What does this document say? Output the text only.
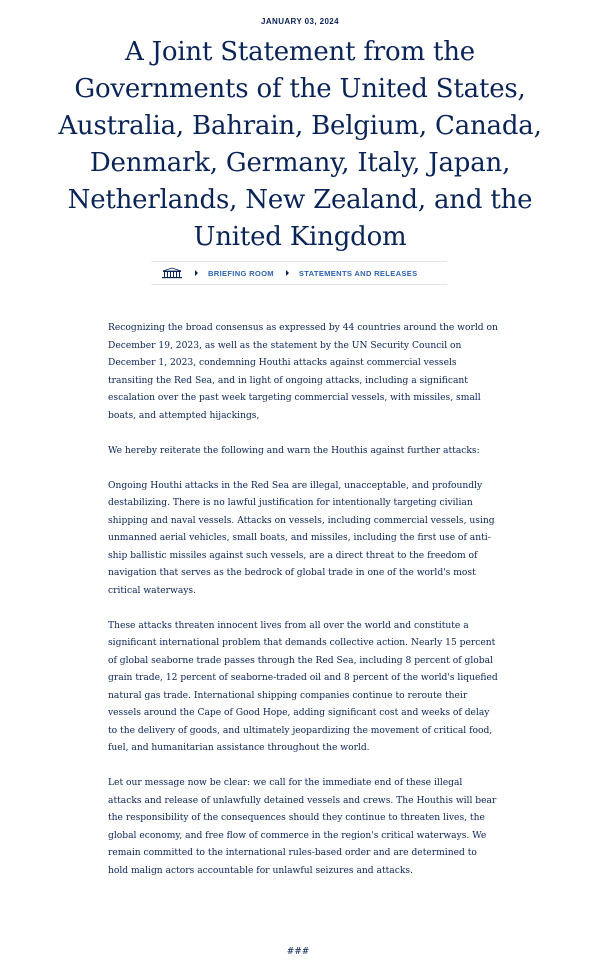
JANUARY 03, 2024
A Joint Statement from the Governments of the United States, Australia, Bahrain, Belgium, Canada, Denmark, Germany, Italy, Japan, Netherlands, New Zealand, and the United Kingdom
BRIEFING ROOM	STATEMENTS AND RELEASES

Recognizing the broad consensus as expressed by 44 countries around the world on December 19, 2023, as well as the statement by the UN Security Council on December 1, 2023, condemning Houthi attacks against commercial vessels transiting the Red Sea, and in light of ongoing attacks, including a significant escalation over the past week targeting commercial vessels, with missiles, small boats, and attempted hijackings,

We hereby reiterate the following and warn the Houthis against further attacks:

Ongoing Houthi attacks in the Red Sea are illegal, unacceptable, and profoundly destabilizing. There is no lawful justification for intentionally targeting civilian shipping and naval vessels. Attacks on vessels, including commercial vessels, using unmanned aerial vehicles, small boats, and missiles, including the first use of anti-ship ballistic missiles against such vessels, are a direct threat to the freedom of navigation that serves as the bedrock of global trade in one of the world's most critical waterways.

These attacks threaten innocent lives from all over the world and constitute a significant international problem that demands collective action. Nearly 15 percent of global seaborne trade passes through the Red Sea, including 8 percent of global grain trade, 12 percent of seaborne-traded oil and 8 percent of the world's liquefied natural gas trade. International shipping companies continue to reroute their vessels around the Cape of Good Hope, adding significant cost and weeks of delay to the delivery of goods, and ultimately jeopardizing the movement of critical food, fuel, and humanitarian assistance throughout the world.

Let our message now be clear: we call for the immediate end of these illegal attacks and release of unlawfully detained vessels and crews. The Houthis will bear the responsibility of the consequences should they continue to threaten lives, the global economy, and free flow of commerce in the region's critical waterways. We remain committed to the international rules-based order and are determined to hold malign actors accountable for unlawful seizures and attacks.

###
